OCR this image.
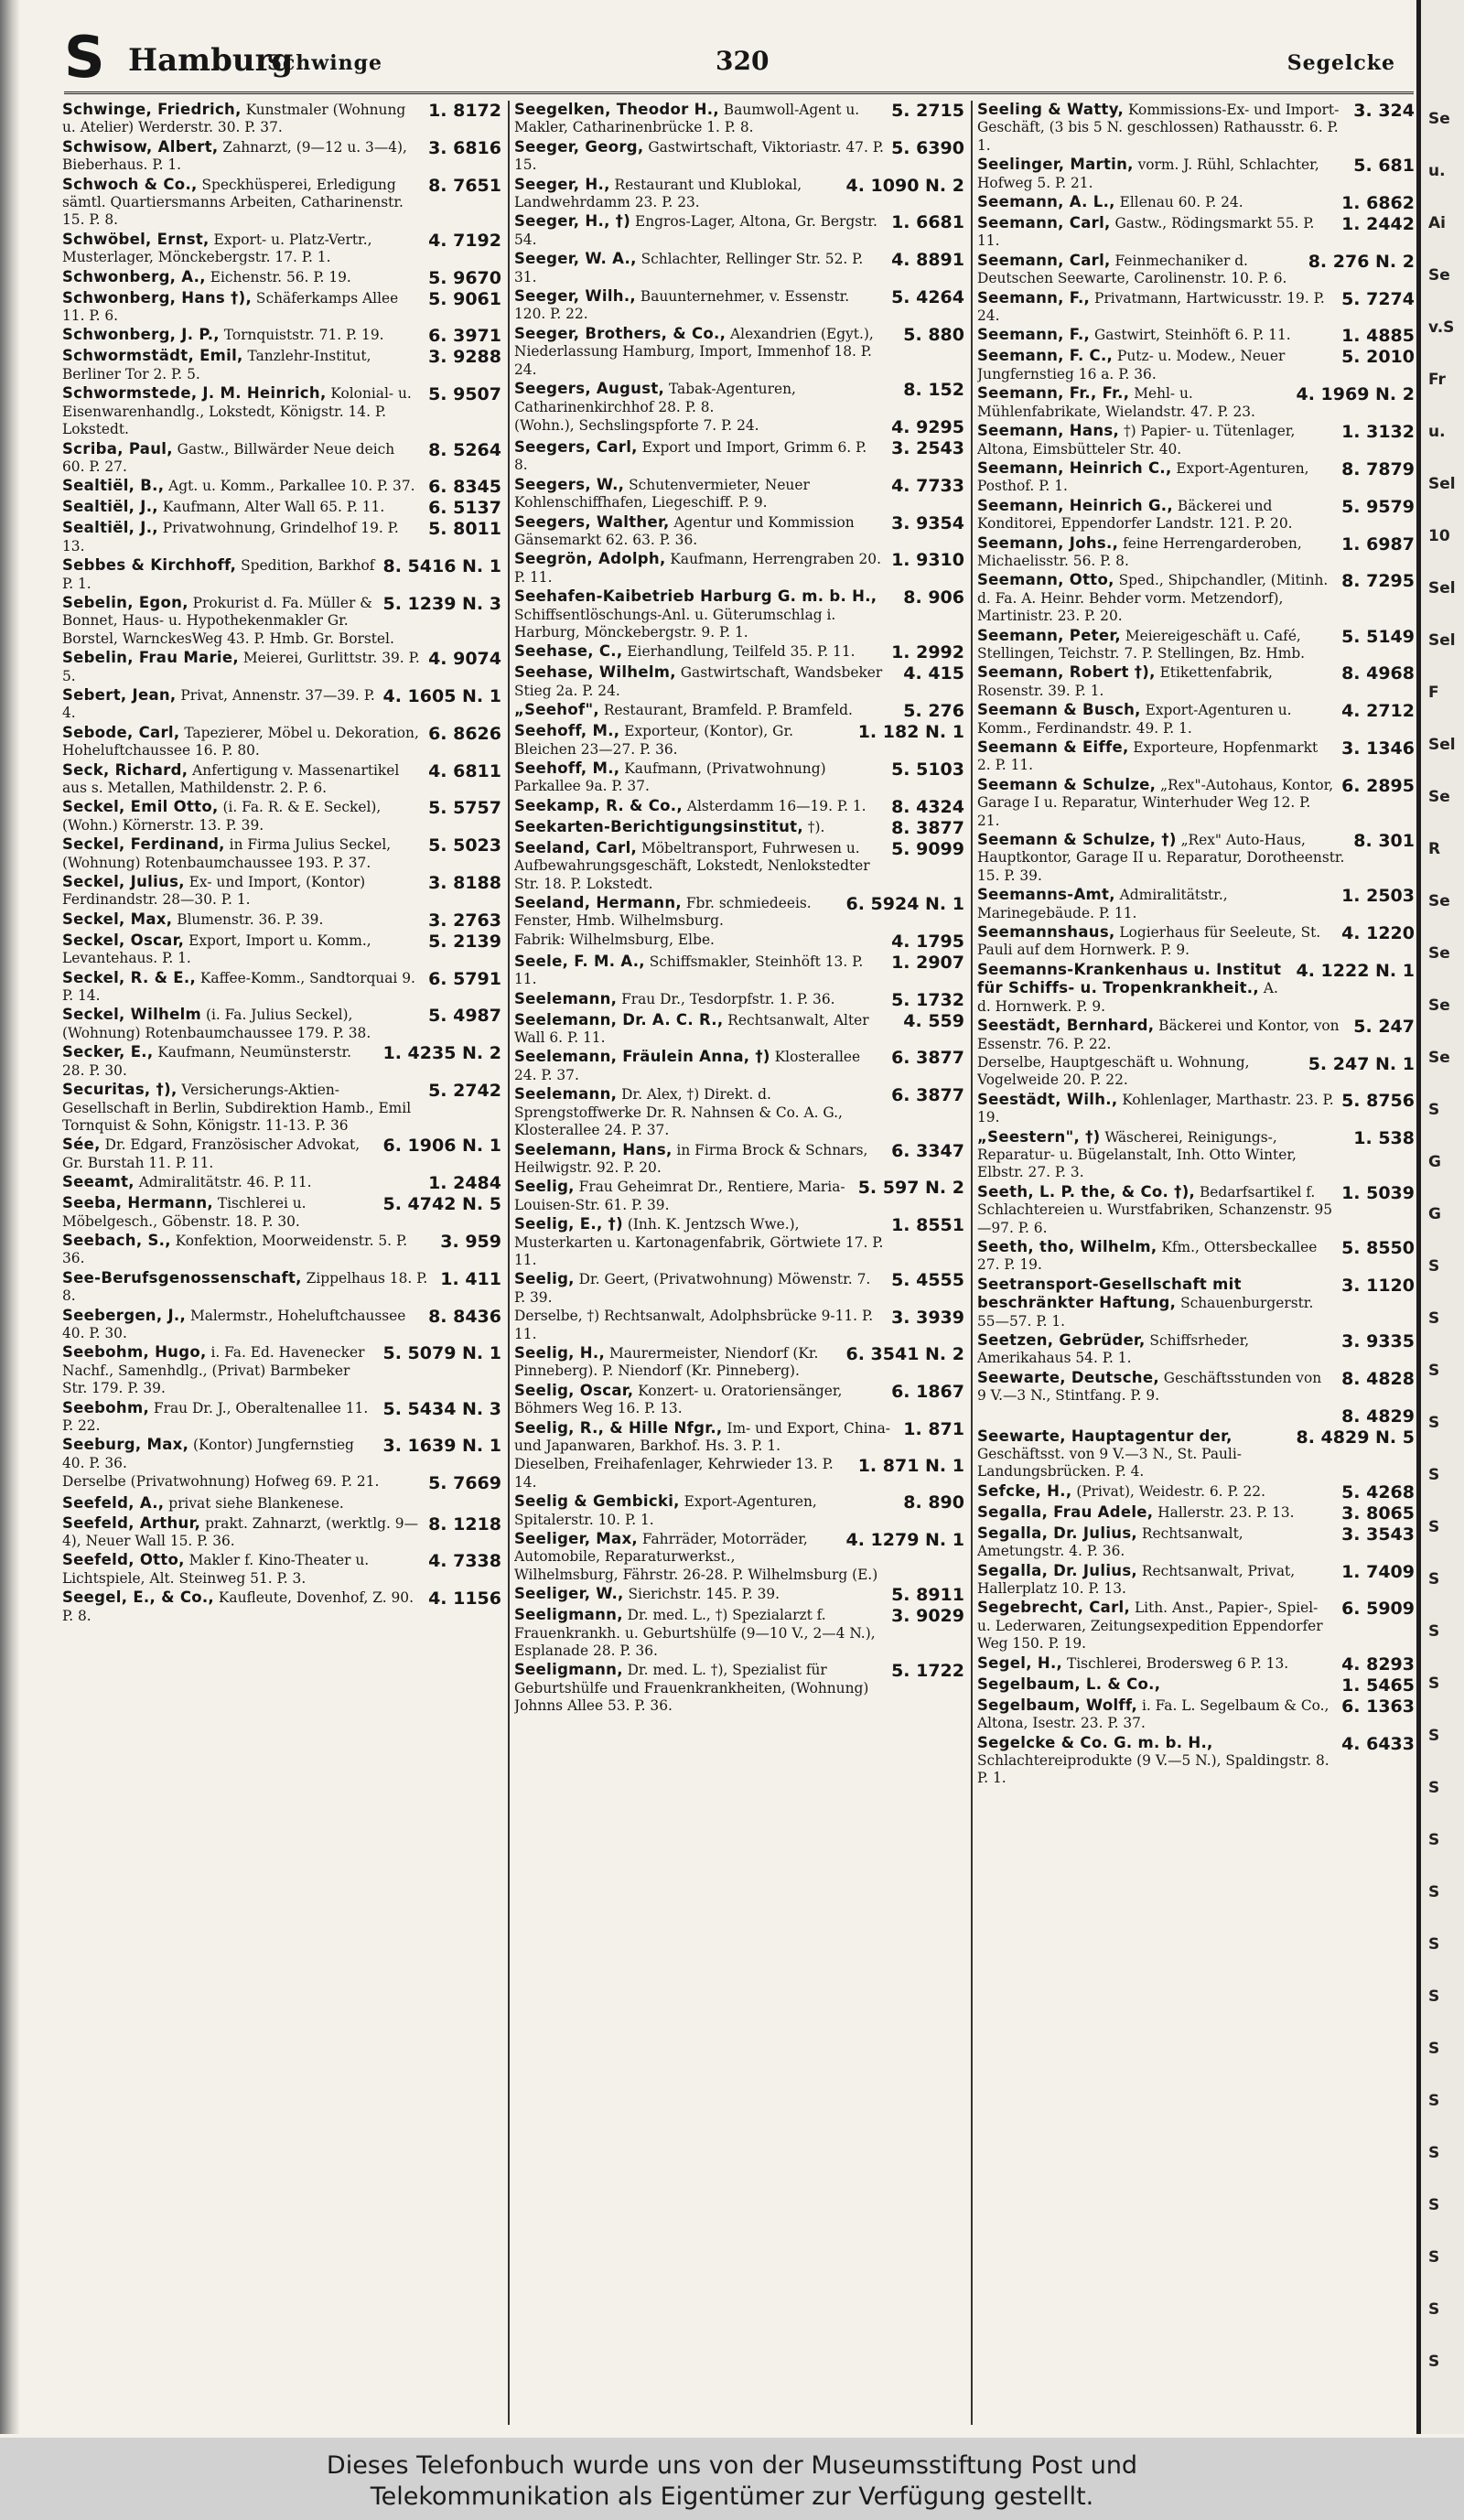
Se
u.
Ai
Se
v.S
Fr
u.
Sel
10
Sel
Sel
F
Sel
Se
R
Se
Se
Se
Se
S
G
G
S
S
S
S
S
S
S
S
S
S
S
S
S
S
S
S
S
S
S
S
S
S
S Hamburg
Schwinge	320	Segelcke
1. 8172
Schwinge, Friedrich, Kunstmaler (Wohnung u. Atelier) Werderstr. 30. P. 37.
3. 6816
Schwisow, Albert, Zahnarzt, (9—12 u. 3—4), Bieberhaus. P. 1.
8. 7651
Schwoch & Co., Speckhüsperei, Erledigung sämtl. Quartiersmanns Arbeiten, Catharinenstr. 15. P. 8.
4. 7192
Schwöbel, Ernst, Export- u. Platz-Vertr., Musterlager, Mönckebergstr. 17. P. 1.
5. 9670
Schwonberg, A., Eichenstr. 56. P. 19.
5. 9061
Schwonberg, Hans †), Schäferkamps Allee 11. P. 6.
6. 3971
Schwonberg, J. P., Tornquiststr. 71. P. 19.
3. 9288
Schwormstädt, Emil, Tanzlehr-Institut, Berliner Tor 2. P. 5.
5. 9507
Schwormstede, J. M. Heinrich, Kolonial- u. Eisenwarenhandlg., Lokstedt, Königstr. 14. P. Lokstedt.
8. 5264
Scriba, Paul, Gastw., Billwärder Neue deich 60. P. 27.
6. 8345
Sealtiël, B., Agt. u. Komm., Parkallee 10. P. 37.
6. 5137
Sealtiël, J., Kaufmann, Alter Wall 65. P. 11.
5. 8011
Sealtiël, J., Privatwohnung, Grindelhof 19. P. 13.
8. 5416 N. 1
Sebbes & Kirchhoff, Spedition, Barkhof P. 1.
5. 1239 N. 3
Sebelin, Egon, Prokurist d. Fa. Müller & Bonnet, Haus- u. Hypothekenmakler Gr. Borstel, WarnckesWeg 43. P. Hmb. Gr. Borstel.
4. 9074
Sebelin, Frau Marie, Meierei, Gurlittstr. 39. P. 5.
4. 1605 N. 1
Sebert, Jean, Privat, Annenstr. 37—39. P. 4.
6. 8626
Sebode, Carl, Tapezierer, Möbel u. Dekoration, Hoheluftchaussee 16. P. 80.
4. 6811
Seck, Richard, Anfertigung v. Massenartikel aus s. Metallen, Mathildenstr. 2. P. 6.
5. 5757
Seckel, Emil Otto, (i. Fa. R. & E. Seckel), (Wohn.) Körnerstr. 13. P. 39.
5. 5023
Seckel, Ferdinand, in Firma Julius Seckel, (Wohnung) Rotenbaumchaussee 193. P. 37.
3. 8188
Seckel, Julius, Ex- und Import, (Kontor) Ferdinandstr. 28—30. P. 1.
3. 2763
Seckel, Max, Blumenstr. 36. P. 39.
5. 2139
Seckel, Oscar, Export, Import u. Komm., Levantehaus. P. 1.
6. 5791
Seckel, R. & E., Kaffee-Komm., Sandtorquai 9. P. 14.
5. 4987
Seckel, Wilhelm (i. Fa. Julius Seckel), (Wohnung) Rotenbaumchaussee 179. P. 38.
1. 4235 N. 2
Secker, E., Kaufmann, Neumünsterstr. 28. P. 30.
5. 2742
Securitas, †), Versicherungs-Aktien-Gesellschaft in Berlin, Subdirektion Hamb., Emil Tornquist & Sohn, Königstr. 11-13. P. 36
6. 1906 N. 1
Sée, Dr. Edgard, Französischer Advokat, Gr. Burstah 11. P. 11.
1. 2484
Seeamt, Admiralitätstr. 46. P. 11.
5. 4742 N. 5
Seeba, Hermann, Tischlerei u. Möbelgesch., Göbenstr. 18. P. 30.
3. 959
Seebach, S., Konfektion, Moorweidenstr. 5. P. 36.
1. 411
See-Berufsgenossenschaft, Zippelhaus 18. P. 8.
8. 8436
Seebergen, J., Malermstr., Hoheluftchaussee 40. P. 30.
5. 5079 N. 1
Seebohm, Hugo, i. Fa. Ed. Havenecker Nachf., Samenhdlg., (Privat) Barmbeker Str. 179. P. 39.
5. 5434 N. 3
Seebohm, Frau Dr. J., Oberaltenallee 11. P. 22.
3. 1639 N. 1
Seeburg, Max, (Kontor) Jungfernstieg 40. P. 36.
5. 7669
Derselbe (Privatwohnung) Hofweg 69. P. 21.
Seefeld, A., privat siehe Blankenese.
8. 1218
Seefeld, Arthur, prakt. Zahnarzt, (werktlg. 9—4), Neuer Wall 15. P. 36.
4. 7338
Seefeld, Otto, Makler f. Kino-Theater u. Lichtspiele, Alt. Steinweg 51. P. 3.
4. 1156
Seegel, E., & Co., Kaufleute, Dovenhof, Z. 90. P. 8.
5. 2715
Seegelken, Theodor H., Baumwoll-Agent u. Makler, Catharinenbrücke 1. P. 8.
5. 6390
Seeger, Georg, Gastwirtschaft, Viktoriastr. 47. P. 15.
4. 1090 N. 2
Seeger, H., Restaurant und Klublokal, Landwehrdamm 23. P. 23.
1. 6681
Seeger, H., †) Engros-Lager, Altona, Gr. Bergstr. 54.
4. 8891
Seeger, W. A., Schlachter, Rellinger Str. 52. P. 31.
5. 4264
Seeger, Wilh., Bauunternehmer, v. Essenstr. 120. P. 22.
5. 880
Seeger, Brothers, & Co., Alexandrien (Egyt.), Niederlassung Hamburg, Import, Immenhof 18. P. 24.
8. 152
Seegers, August, Tabak-Agenturen, Catharinenkirchhof 28. P. 8.
4. 9295
(Wohn.), Sechslingspforte 7. P. 24.
3. 2543
Seegers, Carl, Export und Import, Grimm 6. P. 8.
4. 7733
Seegers, W., Schutenvermieter, Neuer Kohlenschiffhafen, Liegeschiff. P. 9.
3. 9354
Seegers, Walther, Agentur und Kommission Gänsemarkt 62. 63. P. 36.
1. 9310
Seegrön, Adolph, Kaufmann, Herrengraben 20. P. 11.
8. 906
Seehafen-Kaibetrieb Harburg G. m. b. H., Schiffsentlöschungs-Anl. u. Güterumschlag i. Harburg, Mönckebergstr. 9. P. 1.
1. 2992
Seehase, C., Eierhandlung, Teilfeld 35. P. 11.
4. 415
Seehase, Wilhelm, Gastwirtschaft, Wandsbeker Stieg 2a. P. 24.
5. 276
„Seehof", Restaurant, Bramfeld. P. Bramfeld.
1. 182 N. 1
Seehoff, M., Exporteur, (Kontor), Gr. Bleichen 23—27. P. 36.
5. 5103
Seehoff, M., Kaufmann, (Privatwohnung) Parkallee 9a. P. 37.
8. 4324
Seekamp, R. & Co., Alsterdamm 16—19. P. 1.
8. 3877
Seekarten-Berichtigungsinstitut, †).
5. 9099
Seeland, Carl, Möbeltransport, Fuhrwesen u. Aufbewahrungsgeschäft, Lokstedt, Nenlokstedter Str. 18. P. Lokstedt.
6. 5924 N. 1
Seeland, Hermann, Fbr. schmiedeeis. Fenster, Hmb. Wilhelmsburg.
4. 1795
Fabrik: Wilhelmsburg, Elbe.
1. 2907
Seele, F. M. A., Schiffsmakler, Steinhöft 13. P. 11.
5. 1732
Seelemann, Frau Dr., Tesdorpfstr. 1. P. 36.
4. 559
Seelemann, Dr. A. C. R., Rechtsanwalt, Alter Wall 6. P. 11.
6. 3877
Seelemann, Fräulein Anna, †) Klosterallee 24. P. 37.
6. 3877
Seelemann, Dr. Alex, †) Direkt. d. Sprengstoffwerke Dr. R. Nahnsen & Co. A. G., Klosterallee 24. P. 37.
6. 3347
Seelemann, Hans, in Firma Brock & Schnars, Heilwigstr. 92. P. 20.
5. 597 N. 2
Seelig, Frau Geheimrat Dr., Rentiere, Maria-Louisen-Str. 61. P. 39.
1. 8551
Seelig, E., †) (Inh. K. Jentzsch Wwe.), Musterkarten u. Kartonagenfabrik, Görtwiete 17. P. 11.
5. 4555
Seelig, Dr. Geert, (Privatwohnung) Möwenstr. 7. P. 39.
3. 3939
Derselbe, †) Rechtsanwalt, Adolphsbrücke 9-11. P. 11.
6. 3541 N. 2
Seelig, H., Maurermeister, Niendorf (Kr. Pinneberg). P. Niendorf (Kr. Pinneberg).
6. 1867
Seelig, Oscar, Konzert- u. Oratoriensänger, Böhmers Weg 16. P. 13.
1. 871
Seelig, R., & Hille Nfgr., Im- und Export, China- und Japanwaren, Barkhof. Hs. 3. P. 1.
1. 871 N. 1
Dieselben, Freihafenlager, Kehrwieder 13. P. 14.
8. 890
Seelig & Gembicki, Export-Agenturen, Spitalerstr. 10. P. 1.
4. 1279 N. 1
Seeliger, Max, Fahrräder, Motorräder, Automobile, Reparaturwerkst., Wilhelmsburg, Fährstr. 26-28. P. Wilhelmsburg (E.)
5. 8911
Seeliger, W., Sierichstr. 145. P. 39.
3. 9029
Seeligmann, Dr. med. L., †) Spezialarzt f. Frauenkrankh. u. Geburtshülfe (9—10 V., 2—4 N.), Esplanade 28. P. 36.
5. 1722
Seeligmann, Dr. med. L. †), Spezialist für Geburtshülfe und Frauenkrankheiten, (Wohnung) Johnns Allee 53. P. 36.
3. 324
Seeling & Watty, Kommissions-Ex- und Import-Geschäft, (3 bis 5 N. geschlossen) Rathausstr. 6. P. 1.
5. 681
Seelinger, Martin, vorm. J. Rühl, Schlachter, Hofweg 5. P. 21.
1. 6862
Seemann, A. L., Ellenau 60. P. 24.
1. 2442
Seemann, Carl, Gastw., Rödingsmarkt 55. P. 11.
8. 276 N. 2
Seemann, Carl, Feinmechaniker d. Deutschen Seewarte, Carolinenstr. 10. P. 6.
5. 7274
Seemann, F., Privatmann, Hartwicusstr. 19. P. 24.
1. 4885
Seemann, F., Gastwirt, Steinhöft 6. P. 11.
5. 2010
Seemann, F. C., Putz- u. Modew., Neuer Jungfernstieg 16 a. P. 36.
4. 1969 N. 2
Seemann, Fr., Fr., Mehl- u. Mühlenfabrikate, Wielandstr. 47. P. 23.
1. 3132
Seemann, Hans, †) Papier- u. Tütenlager, Altona, Eimsbütteler Str. 40.
8. 7879
Seemann, Heinrich C., Export-Agenturen, Posthof. P. 1.
5. 9579
Seemann, Heinrich G., Bäckerei und Konditorei, Eppendorfer Landstr. 121. P. 20.
1. 6987
Seemann, Johs., feine Herrengarderoben, Michaelisstr. 56. P. 8.
8. 7295
Seemann, Otto, Sped., Shipchandler, (Mitinh. d. Fa. A. Heinr. Behder vorm. Metzendorf), Martinistr. 23. P. 20.
5. 5149
Seemann, Peter, Meiereigeschäft u. Café, Stellingen, Teichstr. 7. P. Stellingen, Bz. Hmb.
8. 4968
Seemann, Robert †), Etikettenfabrik, Rosenstr. 39. P. 1.
4. 2712
Seemann & Busch, Export-Agenturen u. Komm., Ferdinandstr. 49. P. 1.
3. 1346
Seemann & Eiffe, Exporteure, Hopfenmarkt 2. P. 11.
6. 2895
Seemann & Schulze, „Rex"-Autohaus, Kontor, Garage I u. Reparatur, Winterhuder Weg 12. P. 21.
8. 301
Seemann & Schulze, †) „Rex" Auto-Haus, Hauptkontor, Garage II u. Reparatur, Dorotheenstr. 15. P. 39.
1. 2503
Seemanns-Amt, Admiralitätstr., Marinegebäude. P. 11.
4. 1220
Seemannshaus, Logierhaus für Seeleute, St. Pauli auf dem Hornwerk. P. 9.
4. 1222 N. 1
Seemanns-Krankenhaus u. Institut für Schiffs- u. Tropenkrankheit., A. d. Hornwerk. P. 9.
5. 247
Seestädt, Bernhard, Bäckerei und Kontor, von Essenstr. 76. P. 22.
5. 247 N. 1
Derselbe, Hauptgeschäft u. Wohnung, Vogelweide 20. P. 22.
5. 8756
Seestädt, Wilh., Kohlenlager, Marthastr. 23. P. 19.
1. 538
„Seestern", †) Wäscherei, Reinigungs-, Reparatur- u. Bügelanstalt, Inh. Otto Winter, Elbstr. 27. P. 3.
1. 5039
Seeth, L. P. the, & Co. †), Bedarfsartikel f. Schlachtereien u. Wurstfabriken, Schanzenstr. 95—97. P. 6.
5. 8550
Seeth, tho, Wilhelm, Kfm., Ottersbeckallee 27. P. 19.
3. 1120
Seetransport-Gesellschaft mit beschränkter Haftung, Schauenburgerstr. 55—57. P. 1.
3. 9335
Seetzen, Gebrüder, Schiffsrheder, Amerikahaus 54. P. 1.
8. 4828
Seewarte, Deutsche, Geschäftsstunden von 9 V.—3 N., Stintfang. P. 9.
8. 4829
8. 4829 N. 5
Seewarte, Hauptagentur der, Geschäftsst. von 9 V.—3 N., St. Pauli-Landungsbrücken. P. 4.
5. 4268
Sefcke, H., (Privat), Weidestr. 6. P. 22.
3. 8065
Segalla, Frau Adele, Hallerstr. 23. P. 13.
3. 3543
Segalla, Dr. Julius, Rechtsanwalt, Ametungstr. 4. P. 36.
1. 7409
Segalla, Dr. Julius, Rechtsanwalt, Privat, Hallerplatz 10. P. 13.
6. 5909
Segebrecht, Carl, Lith. Anst., Papier-, Spiel- u. Lederwaren, Zeitungsexpedition Eppendorfer Weg 150. P. 19.
4. 8293
Segel, H., Tischlerei, Brodersweg 6 P. 13.
1. 5465
Segelbaum, L. & Co.,
6. 1363
Segelbaum, Wolff, i. Fa. L. Segelbaum & Co., Altona, Isestr. 23. P. 37.
4. 6433
Segelcke & Co. G. m. b. H., Schlachtereiprodukte (9 V.—5 N.), Spaldingstr. 8. P. 1.
Dieses Telefonbuch wurde uns von der Museumsstiftung Post und
Telekommunikation als Eigentümer zur Verfügung gestellt.
